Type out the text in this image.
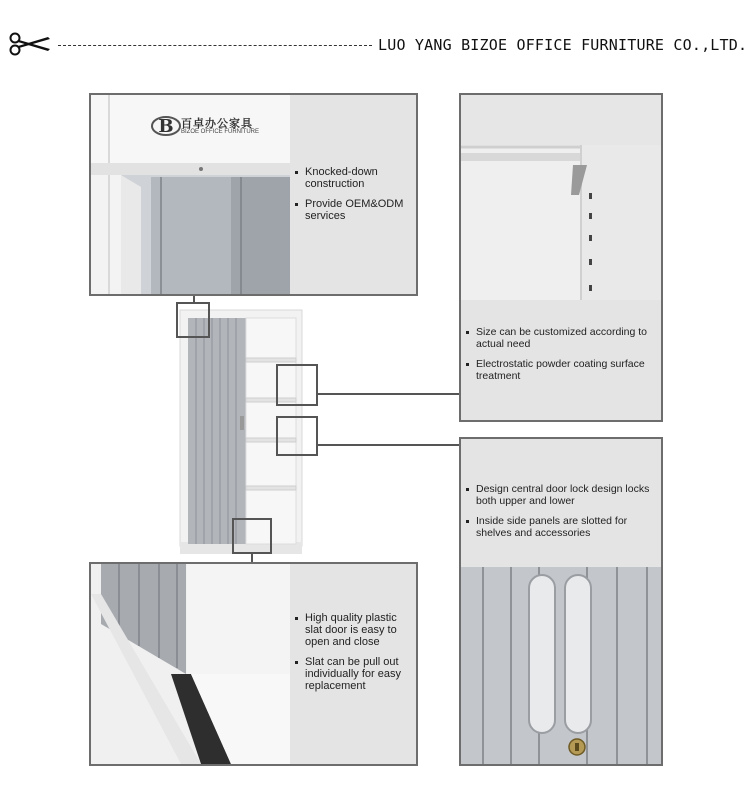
LUO YANG BIZOE OFFICE FURNITURE CO.,LTD.
B 百卓办公家具
BIZOE OFFICE FURNITURE
Knocked-down construction
Provide OEM&ODM services
Size can be customized according to actual need
Electrostatic powder coating surface treatment
Design central door lock design locks both upper and lower
Inside side panels are slotted for shelves and accessories
High quality plastic slat door is easy to open and close
Slat can be pull out individually for easy replacement
